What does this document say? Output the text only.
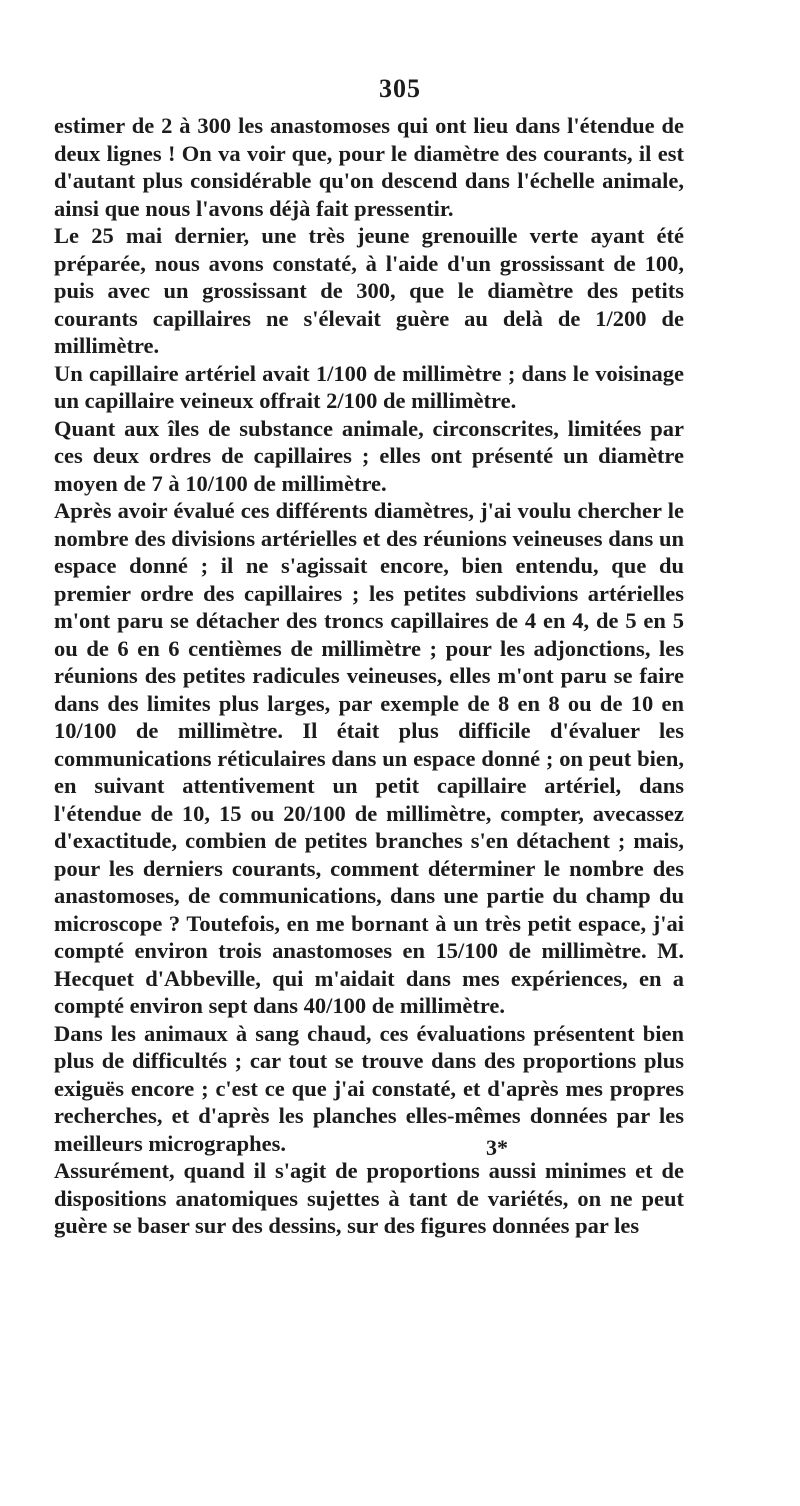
305

estimer de 2 à 300 les anastomoses qui ont lieu dans l'étendue de deux lignes ! On va voir que, pour le diamètre des courants, il est d'autant plus considérable qu'on descend dans l'échelle animale, ainsi que nous l'avons déjà fait pressentir.

Le 25 mai dernier, une très jeune grenouille verte ayant été préparée, nous avons constaté, à l'aide d'un grossissant de 100, puis avec un grossissant de 300, que le diamètre des petits courants capillaires ne s'élevait guère au delà de 1/200 de millimètre.

Un capillaire artériel avait 1/100 de millimètre ; dans le voisinage un capillaire veineux offrait 2/100 de millimètre.

Quant aux îles de substance animale, circonscrites, limitées par ces deux ordres de capillaires ; elles ont présenté un diamètre moyen de 7 à 10/100 de millimètre.

Après avoir évalué ces différents diamètres, j'ai voulu chercher le nombre des divisions artérielles et des réunions veineuses dans un espace donné ; il ne s'agissait encore, bien entendu, que du premier ordre des capillaires ; les petites subdivions artérielles m'ont paru se détacher des troncs capillaires de 4 en 4, de 5 en 5 ou de 6 en 6 centièmes de millimètre ; pour les adjonctions, les réunions des petites radicules veineuses, elles m'ont paru se faire dans des limites plus larges, par exemple de 8 en 8 ou de 10 en 10/100 de millimètre. Il était plus difficile d'évaluer les communications réticulaires dans un espace donné ; on peut bien, en suivant attentivement un petit capillaire artériel, dans l'étendue de 10, 15 ou 20/100 de millimètre, compter, avecassez d'exactitude, combien de petites branches s'en détachent ; mais, pour les derniers courants, comment déterminer le nombre des anastomoses, de communications, dans une partie du champ du microscope ? Toutefois, en me bornant à un très petit espace, j'ai compté environ trois anastomoses en 15/100 de millimètre. M. Hecquet d'Abbeville, qui m'aidait dans mes expériences, en a compté environ sept dans 40/100 de millimètre.

Dans les animaux à sang chaud, ces évaluations présentent bien plus de difficultés ; car tout se trouve dans des proportions plus exiguës encore ; c'est ce que j'ai constaté, et d'après mes propres recherches, et d'après les planches elles-mêmes données par les meilleurs micrographes.

Assurément, quand il s'agit de proportions aussi minimes et de dispositions anatomiques sujettes à tant de variétés, on ne peut guère se baser sur des dessins, sur des figures données par les

3*
